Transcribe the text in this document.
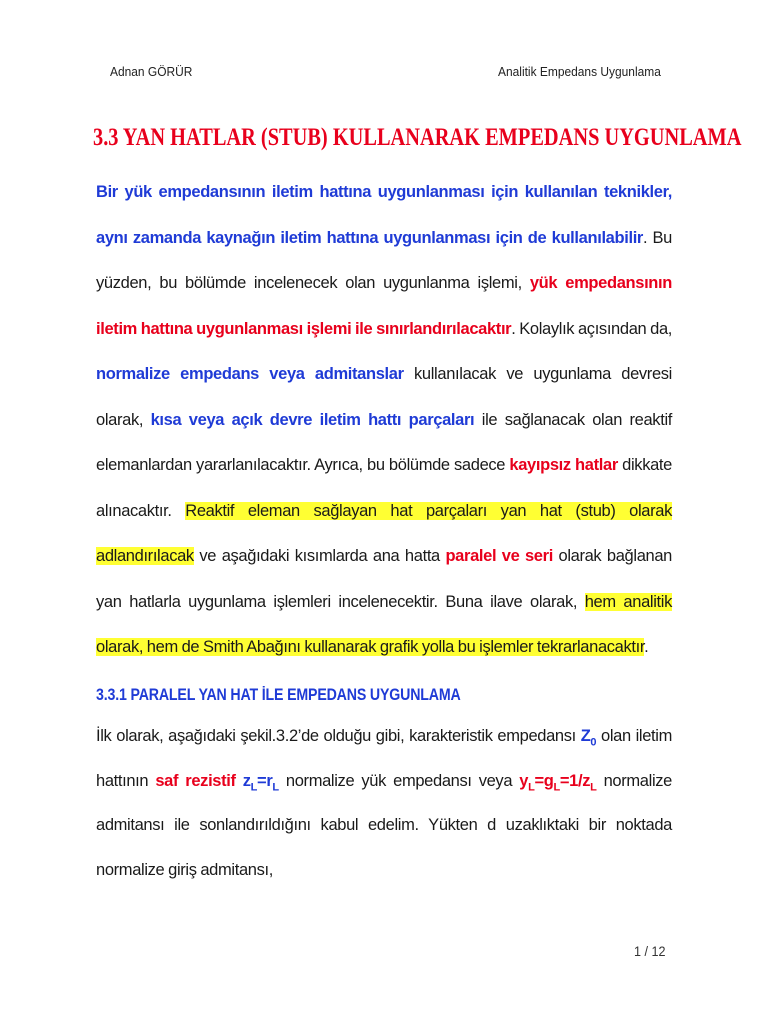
Adnan GÖRÜR	Analitik Empedans Uygunlama
3.3 YAN HATLAR (STUB) KULLANARAK EMPEDANS UYGUNLAMA
Bir yük empedansının iletim hattına uygunlanması için kullanılan teknikler, aynı zamanda kaynağın iletim hattına uygunlanması için de kullanılabilir. Bu yüzden, bu bölümde incelenecek olan uygunlanma işlemi, yük empedansının iletim hattına uygunlanması işlemi ile sınırlandırılacaktır. Kolaylık açısından da, normalize empedans veya admitanslar kullanılacak ve uygunlama devresi olarak, kısa veya açık devre iletim hattı parçaları ile sağlanacak olan reaktif elemanlardan yararlanılacaktır. Ayrıca, bu bölümde sadece kayıpsız hatlar dikkate alınacaktır. Reaktif eleman sağlayan hat parçaları yan hat (stub) olarak adlandırılacak ve aşağıdaki kısımlarda ana hatta paralel ve seri olarak bağlanan yan hatlarla uygunlama işlemleri incelenecektir. Buna ilave olarak, hem analitik olarak, hem de Smith Abağını kullanarak grafik yolla bu işlemler tekrarlanacaktır.
3.3.1 PARALEL YAN HAT İLE EMPEDANS UYGUNLAMA
İlk olarak, aşağıdaki şekil.3.2’de olduğu gibi, karakteristik empedansı $Z_0$ olan iletim hattının saf rezistif $z_L=r_L$ normalize yük empedansı veya $y_L=g_L=1/z_L$ normalize admitansı ile sonlandırıldığını kabul edelim. Yükten d uzaklıktaki bir noktada normalize giriş admitansı,
1 / 12
